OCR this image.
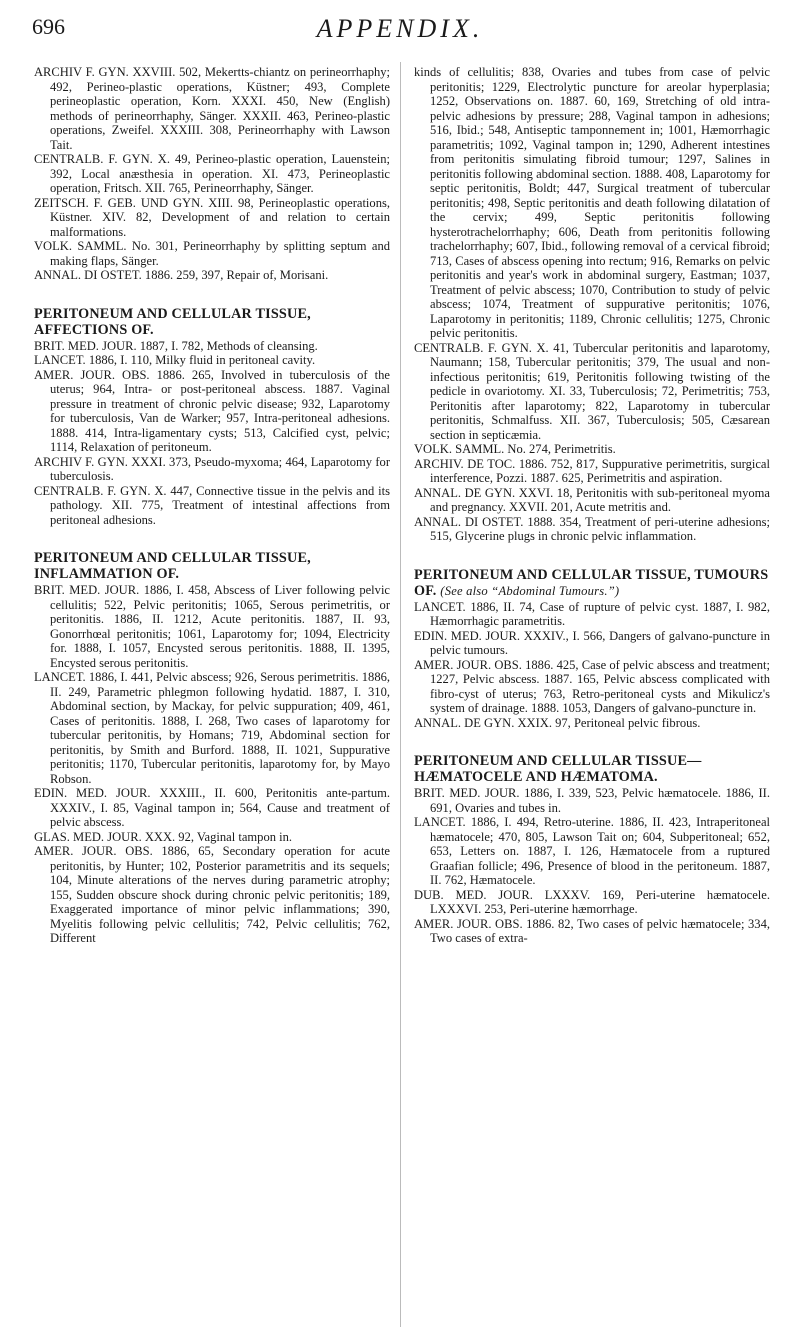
696	APPENDIX.

ARCHIV F. GYN. XXVIII. 502, Mekertts-chiantz on perineorrhaphy; 492, Perineo-plastic operations, Küstner; 493, Complete perineoplastic operation, Korn. XXXI. 450, New (English) methods of perineorrhaphy, Sänger. XXXII. 463, Perineo-plastic operations, Zweifel. XXXIII. 308, Perineorrhaphy with Lawson Tait.

CENTRALB. F. GYN. X. 49, Perineo-plastic operation, Lauenstein; 392, Local anæsthesia in operation. XI. 473, Perineoplastic operation, Fritsch. XII. 765, Perineorrhaphy, Sänger.

ZEITSCH. F. GEB. UND GYN. XIII. 98, Perineoplastic operations, Küstner. XIV. 82, Development of and relation to certain malformations.

VOLK. SAMML. No. 301, Perineorrhaphy by splitting septum and making flaps, Sänger.

ANNAL. DI OSTET. 1886. 259, 397, Repair of, Morisani.

PERITONEUM AND CELLULAR TISSUE, AFFECTIONS OF.

BRIT. MED. JOUR. 1887, I. 782, Methods of cleansing.

LANCET. 1886, I. 110, Milky fluid in peritoneal cavity.

AMER. JOUR. OBS. 1886. 265, Involved in tuberculosis of the uterus; 964, Intra- or post-peritoneal abscess. 1887. Vaginal pressure in treatment of chronic pelvic disease; 932, Laparotomy for tuberculosis, Van de Warker; 957, Intra-peritoneal adhesions. 1888. 414, Intra-ligamentary cysts; 513, Calcified cyst, pelvic; 1114, Relaxation of peritoneum.

ARCHIV F. GYN. XXXI. 373, Pseudo-myxoma; 464, Laparotomy for tuberculosis.

CENTRALB. F. GYN. X. 447, Connective tissue in the pelvis and its pathology. XII. 775, Treatment of intestinal affections from peritoneal adhesions.

PERITONEUM AND CELLULAR TISSUE, INFLAMMATION OF.

BRIT. MED. JOUR. 1886, I. 458, Abscess of Liver following pelvic cellulitis; 522, Pelvic peritonitis; 1065, Serous perimetritis, or peritonitis. 1886, II. 1212, Acute peritonitis. 1887, II. 93, Gonorrhœal peritonitis; 1061, Laparotomy for; 1094, Electricity for. 1888, I. 1057, Encysted serous peritonitis. 1888, II. 1395, Encysted serous peritonitis.

LANCET. 1886, I. 441, Pelvic abscess; 926, Serous perimetritis. 1886, II. 249, Parametric phlegmon following hydatid. 1887, I. 310, Abdominal section, by Mackay, for pelvic suppuration; 409, 461, Cases of peritonitis. 1888, I. 268, Two cases of laparotomy for tubercular peritonitis, by Homans; 719, Abdominal section for peritonitis, by Smith and Burford. 1888, II. 1021, Suppurative peritonitis; 1170, Tubercular peritonitis, laparotomy for, by Mayo Robson.

EDIN. MED. JOUR. XXXIII., II. 600, Peritonitis ante-partum. XXXIV., I. 85, Vaginal tampon in; 564, Cause and treatment of pelvic abscess.

GLAS. MED. JOUR. XXX. 92, Vaginal tampon in.

AMER. JOUR. OBS. 1886, 65, Secondary operation for acute peritonitis, by Hunter; 102, Posterior parametritis and its sequels; 104, Minute alterations of the nerves during parametric atrophy; 155, Sudden obscure shock during chronic pelvic peritonitis; 189, Exaggerated importance of minor pelvic inflammations; 390, Myelitis following pelvic cellulitis; 742, Pelvic cellulitis; 762, Different

kinds of cellulitis; 838, Ovaries and tubes from case of pelvic peritonitis; 1229, Electrolytic puncture for areolar hyperplasia; 1252, Observations on. 1887. 60, 169, Stretching of old intra-pelvic adhesions by pressure; 288, Vaginal tampon in adhesions; 516, Ibid.; 548, Antiseptic tamponnement in; 1001, Hæmorrhagic parametritis; 1092, Vaginal tampon in; 1290, Adherent intestines from peritonitis simulating fibroid tumour; 1297, Salines in peritonitis following abdominal section. 1888. 408, Laparotomy for septic peritonitis, Boldt; 447, Surgical treatment of tubercular peritonitis; 498, Septic peritonitis and death following dilatation of the cervix; 499, Septic peritonitis following hysterotrachelorrhaphy; 606, Death from peritonitis following trachelorrhaphy; 607, Ibid., following removal of a cervical fibroid; 713, Cases of abscess opening into rectum; 916, Remarks on pelvic peritonitis and year's work in abdominal surgery, Eastman; 1037, Treatment of pelvic abscess; 1070, Contribution to study of pelvic abscess; 1074, Treatment of suppurative peritonitis; 1076, Laparotomy in peritonitis; 1189, Chronic cellulitis; 1275, Chronic pelvic peritonitis.

CENTRALB. F. GYN. X. 41, Tubercular peritonitis and laparotomy, Naumann; 158, Tubercular peritonitis; 379, The usual and non-infectious peritonitis; 619, Peritonitis following twisting of the pedicle in ovariotomy. XI. 33, Tuberculosis; 72, Perimetritis; 753, Peritonitis after laparotomy; 822, Laparotomy in tubercular peritonitis, Schmalfuss. XII. 367, Tuberculosis; 505, Cæsarean section in septicæmia.

VOLK. SAMML. No. 274, Perimetritis.

ARCHIV. DE TOC. 1886. 752, 817, Suppurative perimetritis, surgical interference, Pozzi. 1887. 625, Perimetritis and aspiration.

ANNAL. DE GYN. XXVI. 18, Peritonitis with sub-peritoneal myoma and pregnancy. XXVII. 201, Acute metritis and.

ANNAL. DI OSTET. 1888. 354, Treatment of peri-uterine adhesions; 515, Glycerine plugs in chronic pelvic inflammation.

PERITONEUM AND CELLULAR TISSUE, TUMOURS OF. (See also “Abdominal Tumours.”)

LANCET. 1886, II. 74, Case of rupture of pelvic cyst. 1887, I. 982, Hæmorrhagic parametritis.

EDIN. MED. JOUR. XXXIV., I. 566, Dangers of galvano-puncture in pelvic tumours.

AMER. JOUR. OBS. 1886. 425, Case of pelvic abscess and treatment; 1227, Pelvic abscess. 1887. 165, Pelvic abscess complicated with fibro-cyst of uterus; 763, Retro-peritoneal cysts and Mikulicz's system of drainage. 1888. 1053, Dangers of galvano-puncture in.

ANNAL. DE GYN. XXIX. 97, Peritoneal pelvic fibrous.

PERITONEUM AND CELLULAR TISSUE—HÆMATOCELE AND HÆMATOMA.

BRIT. MED. JOUR. 1886, I. 339, 523, Pelvic hæmatocele. 1886, II. 691, Ovaries and tubes in.

LANCET. 1886, I. 494, Retro-uterine. 1886, II. 423, Intraperitoneal hæmatocele; 470, 805, Lawson Tait on; 604, Subperitoneal; 652, 653, Letters on. 1887, I. 126, Hæmatocele from a ruptured Graafian follicle; 496, Presence of blood in the peritoneum. 1887, II. 762, Hæmatocele.

DUB. MED. JOUR. LXXXV. 169, Peri-uterine hæmatocele. LXXXVI. 253, Peri-uterine hæmorrhage.

AMER. JOUR. OBS. 1886. 82, Two cases of pelvic hæmatocele; 334, Two cases of extra-
